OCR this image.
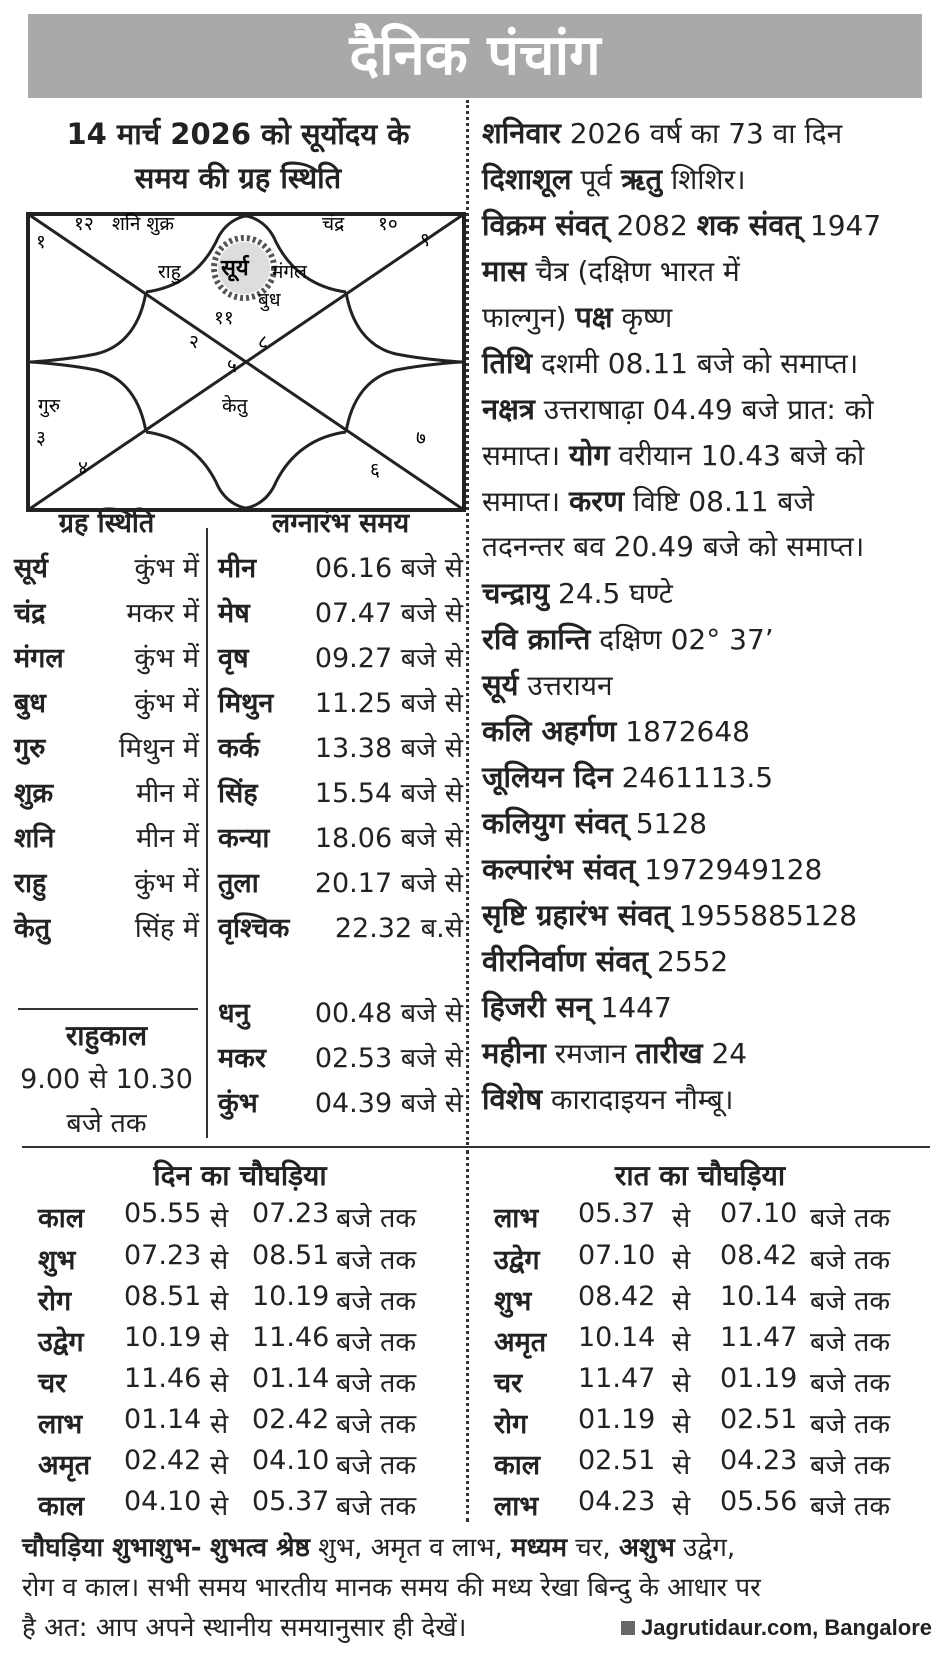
दैनिक पंचांग
14 मार्च 2026 को सूर्योदय के
समय की ग्रह स्थिति
१
१२	१०
९
२
११
८
५
३
४	६
७
शनि शुक्र	चंद्र
राहु सूर्य मंगल
बुध
गुरु	केतु
ग्रह स्थिति
सूर्य	कुंभ में
चंद्र	मकर में
मंगल	कुंभ में
बुध	कुंभ में
गुरु	मिथुन में
शुक्र	मीन में
शनि	मीन में
राहु	कुंभ में
केतु	सिंह में
राहुकाल
9.00 से 10.30
बजे तक
लग्नारंभ समय
मीन 06.16 बजे से
मेष 07.47 बजे से
वृष 09.27 बजे से
मिथुन 11.25 बजे से
कर्क 13.38 बजे से
सिंह 15.54 बजे से
कन्या 18.06 बजे से
तुला 20.17 बजे से
वृश्चिक 22.32 ब.से
धनु 00.48 बजे से
मकर 02.53 बजे से
कुंभ 04.39 बजे से
शनिवार 2026 वर्ष का 73 वा दिन
दिशाशूल पूर्व ऋतु शिशिर।
विक्रम संवत् 2082 शक संवत् 1947
मास चैत्र (दक्षिण भारत में
फाल्गुन) पक्ष कृष्ण
तिथि दशमी 08.11 बजे को समाप्त।
नक्षत्र उत्तराषाढ़ा 04.49 बजे प्रात: को
समाप्त। योग वरीयान 10.43 बजे को
समाप्त। करण विष्टि 08.11 बजे
तदनन्तर बव 20.49 बजे को समाप्त।
चन्द्रायु 24.5 घण्टे
रवि क्रान्ति दक्षिण 02° 37’
सूर्य उत्तरायन
कलि अहर्गण 1872648
जूलियन दिन 2461113.5
कलियुग संवत् 5128
कल्पारंभ संवत् 1972949128
सृष्टि ग्रहारंभ संवत् 1955885128
वीरनिर्वाण संवत् 2552
हिजरी सन् 1447
महीना रमजान तारीख 24
विशेष कारादाइयन नौम्बू।
दिन का चौघड़िया
काल 05.55 से 07.23 बजे तक
शुभ 07.23 से 08.51 बजे तक
रोग 08.51 से 10.19 बजे तक
उद्वेग 10.19 से 11.46 बजे तक
चर 11.46 से 01.14 बजे तक
लाभ 01.14 से 02.42 बजे तक
अमृत 02.42 से 04.10 बजे तक
काल 04.10 से 05.37 बजे तक
रात का चौघड़िया
लाभ 05.37 से 07.10 बजे तक
उद्वेग 07.10 से 08.42 बजे तक
शुभ 08.42 से 10.14 बजे तक
अमृत 10.14 से 11.47 बजे तक
चर 11.47 से 01.19 बजे तक
रोग 01.19 से 02.51 बजे तक
काल 02.51 से 04.23 बजे तक
लाभ 04.23 से 05.56 बजे तक
चौघड़िया शुभाशुभ- शुभत्व श्रेष्ठ शुभ, अमृत व लाभ, मध्यम चर, अशुभ उद्वेग,
रोग व काल। सभी समय भारतीय मानक समय की मध्य रेखा बिन्दु के आधार पर
है अत: आप अपने स्थानीय समयानुसार ही देखें।	Jagrutidaur.com, Bangalore
